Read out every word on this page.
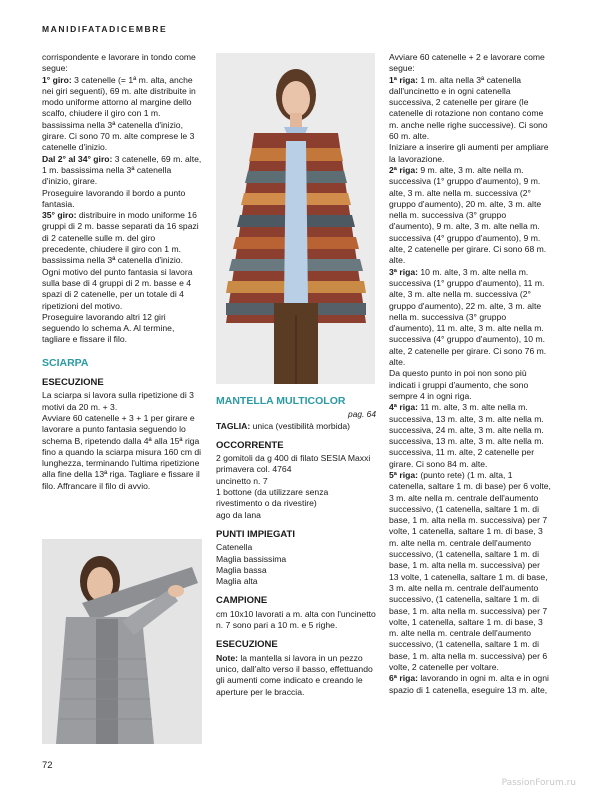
MANIDIFATADICEMBRE

corrispondente e lavorare in tondo come segue:

1° giro: 3 catenelle (= 1ª m. alta, anche nei giri seguenti), 69 m. alte distribuite in modo uniforme attorno al margine dello scalfo, chiudere il giro con 1 m. bassissima nella 3ª catenella d'inizio, girare. Ci sono 70 m. alte comprese le 3 catenelle d'inizio.

Dal 2° al 34° giro: 3 catenelle, 69 m. alte, 1 m. bassissima nella 3ª catenella d'inizio, girare.

Proseguire lavorando il bordo a punto fantasia.

35° giro: distribuire in modo uniforme 16 gruppi di 2 m. basse separati da 16 spazi di 2 catenelle sulle m. del giro precedente, chiudere il giro con 1 m. bassissima nella 3ª catenella d'inizio. Ogni motivo del punto fantasia si lavora sulla base di 4 gruppi di 2 m. basse e 4 spazi di 2 catenelle, per un totale di 4 ripetizioni del motivo.

Proseguire lavorando altri 12 giri seguendo lo schema A. Al termine, tagliare e fissare il filo.

SCIARPA
ESECUZIONE

La sciarpa si lavora sulla ripetizione di 3 motivi da 20 m. + 3.

Avviare 60 catenelle + 3 + 1 per girare e lavorare a punto fantasia seguendo lo schema B, ripetendo dalla 4ª alla 15ª riga fino a quando la sciarpa misura 160 cm di lunghezza, terminando l'ultima ripetizione alla fine della 13ª riga. Tagliare e fissare il filo. Affrancare il filo di avvio.

MANTELLA MULTICOLOR
pag. 64

TAGLIA: unica (vestibilità morbida)

OCCORRENTE

2 gomitoli da g 400 di filato SESIA Maxxi primavera col. 4764

uncinetto n. 7

1 bottone (da utilizzare senza rivestimento o da rivestire)

ago da lana

PUNTI IMPIEGATI

Catenella

Maglia bassissima

Maglia bassa

Maglia alta

CAMPIONE

cm 10x10 lavorati a m. alta con l'uncinetto n. 7 sono pari a 10 m. e 5 righe.

ESECUZIONE

Note: la mantella si lavora in un pezzo unico, dall'alto verso il basso, effettuando gli aumenti come indicato e creando le aperture per le braccia.

Avviare 60 catenelle + 2 e lavorare come segue:

1ª riga: 1 m. alta nella 3ª catenella dall'uncinetto e in ogni catenella successiva, 2 catenelle per girare (le catenelle di rotazione non contano come m. anche nelle righe successive). Ci sono 60 m. alte.

Iniziare a inserire gli aumenti per ampliare la lavorazione.

2ª riga: 9 m. alte, 3 m. alte nella m. successiva (1° gruppo d'aumento), 9 m. alte, 3 m. alte nella m. successiva (2° gruppo d'aumento), 20 m. alte, 3 m. alte nella m. successiva (3° gruppo d'aumento), 9 m. alte, 3 m. alte nella m. successiva (4° gruppo d'aumento), 9 m. alte, 2 catenelle per girare. Ci sono 68 m. alte.

3ª riga: 10 m. alte, 3 m. alte nella m. successiva (1° gruppo d'aumento), 11 m. alte, 3 m. alte nella m. successiva (2° gruppo d'aumento), 22 m. alte, 3 m. alte nella m. successiva (3° gruppo d'aumento), 11 m. alte, 3 m. alte nella m. successiva (4° gruppo d'aumento), 10 m. alte, 2 catenelle per girare. Ci sono 76 m. alte.

Da questo punto in poi non sono più indicati i gruppi d'aumento, che sono sempre 4 in ogni riga.

4ª riga: 11 m. alte, 3 m. alte nella m. successiva, 13 m. alte, 3 m. alte nella m. successiva, 24 m. alte, 3 m. alte nella m. successiva, 13 m. alte, 3 m. alte nella m. successiva, 11 m. alte, 2 catenelle per girare. Ci sono 84 m. alte.

5ª riga: (punto rete) (1 m. alta, 1 catenella, saltare 1 m. di base) per 6 volte, 3 m. alte nella m. centrale dell'aumento successivo, (1 catenella, saltare 1 m. di base, 1 m. alta nella m. successiva) per 7 volte, 1 catenella, saltare 1 m. di base, 3 m. alte nella m. centrale dell'aumento successivo, (1 catenella, saltare 1 m. di base, 1 m. alta nella m. successiva) per 13 volte, 1 catenella, saltare 1 m. di base, 3 m. alte nella m. centrale dell'aumento successivo, (1 catenella, saltare 1 m. di base, 1 m. alta nella m. successiva) per 7 volte, 1 catenella, saltare 1 m. di base, 3 m. alte nella m. centrale dell'aumento successivo, (1 catenella, saltare 1 m. di base, 1 m. alta nella m. successiva) per 6 volte, 2 catenelle per voltare.

6ª riga: lavorando in ogni m. alta e in ogni spazio di 1 catenella, eseguire 13 m. alte,

72
PassionForum.ru
